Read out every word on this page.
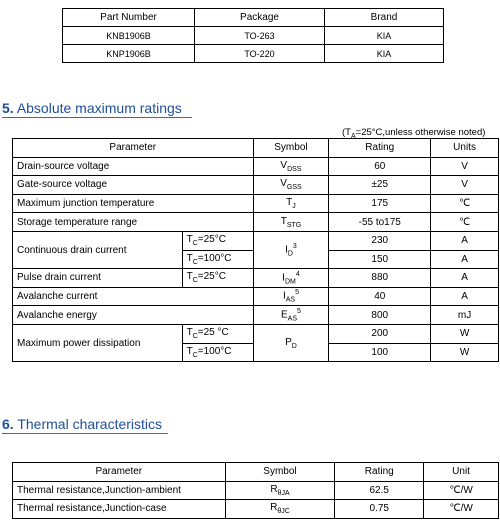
Part Number	Package	Brand
KNB1906B	TO-263	KIA
KNP1906B	TO-220	KIA
5. Absolute maximum ratings
($T_A=25^\circ C,unless$ otherwise noted)
Parameter		Symbol	Rating	Units
Drain-source voltage		$V_{DSS}$	60	V
Gate-source voltage		$V_{GSS}$	±25	V
Maximum junction temperature		$T_J$	175	℃
Storage temperature range		$T_{STG}$	-55 to175	℃
Continuous drain current	$T_C=25^\circ C$	$I_D^3$	230	A
	$T_C=100^\circ C$		150	A
Pulse drain current	$T_C=25^\circ C$	$I_{DM}^4$	880	A
Avalanche current		$I_{AS}^5$	40	A
Avalanche energy		$E_{AS}^5$	800	mJ
Maximum power dissipation	$T_C=25$ °C	$P_D$	200	W
	$T_C=100^\circ C$		100	W
6. Thermal characteristics
Parameter	Symbol	Rating	Unit
Thermal resistance,Junction-ambient	$R_{\theta JA}$	62.5	℃/W
Thermal resistance,Junction-case	$R_{\theta JC}$	0.75	℃/W
